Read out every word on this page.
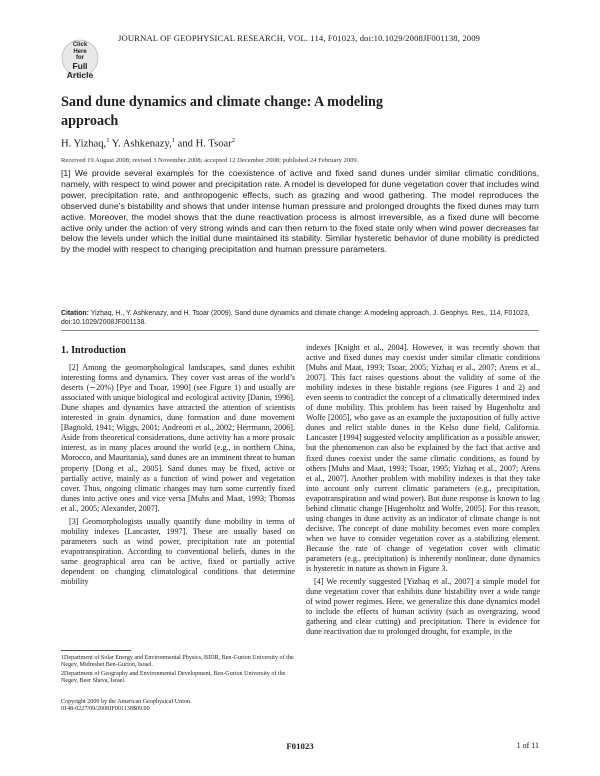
JOURNAL OF GEOPHYSICAL RESEARCH, VOL. 114, F01023, doi:10.1029/2008JF001138, 2009
Click
Here
for
Full
Article
Sand dune dynamics and climate change: A modeling
approach
H. Yizhaq,$^1$ Y. Ashkenazy,$^1$ and H. Tsoar$^2$
Received 19 August 2008; revised 3 November 2008; accepted 12 December 2008; published 24 February 2009.
[1] We provide several examples for the coexistence of active and fixed sand dunes under similar climatic conditions, namely, with respect to wind power and precipitation rate. A model is developed for dune vegetation cover that includes wind power, precipitation rate, and anthropogenic effects, such as grazing and wood gathering. The model reproduces the observed dune’s bistability and shows that under intense human pressure and prolonged droughts the fixed dunes may turn active. Moreover, the model shows that the dune reactivation process is almost irreversible, as a fixed dune will become active only under the action of very strong winds and can then return to the fixed state only when wind power decreases far below the levels under which the initial dune maintained its stability. Similar hysteretic behavior of dune mobility is predicted by the model with respect to changing precipitation and human pressure parameters.
Citation: Yizhaq, H., Y. Ashkenazy, and H. Tsoar (2009), Sand dune dynamics and climate change: A modeling approach, J. Geophys. Res., 114, F01023, doi:10.1029/2008JF001138.
1. Introduction

[2] Among the geomorphological landscapes, sand dunes exhibit interesting forms and dynamics. They cover vast areas of the world’s deserts (∼20%) [Pye and Tsoar, 1990] (see Figure 1) and usually are associated with unique biological and ecological activity [Danin, 1996]. Dune shapes and dynamics have attracted the attention of scientists interested in grain dynamics, dune formation and dune movement [Bagnold, 1941; Wiggs, 2001; Andreotti et al., 2002; Herrmann, 2006]. Aside from theoretical considerations, dune activity has a more prosaic interest, as in many places around the world (e.g., in northern China, Morocco, and Mauritania), sand dunes are an imminent threat to human property [Dong et al., 2005]. Sand dunes may be fixed, active or partially active, mainly as a function of wind power and vegetation cover. Thus, ongoing climatic changes may turn some currently fixed dunes into active ones and vice versa [Muhs and Maat, 1993; Thomas et al., 2005; Alexander, 2007].

[3] Geomorphologists usually quantify dune mobility in terms of mobility indexes [Lancaster, 1997]. These are usually based on parameters such as wind power, precipitation rate an potential evapotranspiration. According to conventional beliefs, dunes in the same geographical area can be active, fixed or partially active dependent on changing climatological conditions that determine mobility

indexes [Knight et al., 2004]. However, it was recently shown that active and fixed dunes may coexist under similar climatic conditions [Muhs and Maat, 1993; Tsoar, 2005; Yizhaq et al., 2007; Arens et al., 2007]. This fact raises questions about the validity of some of the mobility indexes in these bistable regions (see Figures 1 and 2) and even seems to contradict the concept of a climatically determined index of dune mobility. This problem has been raised by Hugenholtz and Wolfe [2005], who gave as an example the juxtaposition of fully active dunes and relict stable dunes in the Kelso dune field, California. Lancaster [1994] suggested velocity amplification as a possible answer, but the phenomenon can also be explained by the fact that active and fixed dunes coexist under the same climatic conditions, as found by others [Muhs and Maat, 1993; Tsoar, 1995; Yizhaq et al., 2007; Arens et al., 2007]. Another problem with mobility indexes is that they take into account only current climatic parameters (e.g., precipitation, evapotranspiration and wind power). But dune response is known to lag behind climatic change [Hugenholtz and Wolfe, 2005]. For this reason, using changes in dune activity as an indicator of climate change is not decisive. The concept of dune mobility becomes even more complex when we have to consider vegetation cover as a stabilizing element. Because the rate of change of vegetation cover with climatic parameters (e.g., precipitation) is inherently nonlinear, dune dynamics is hysteretic in nature as shown in Figure 3.

[4] We recently suggested [Yizhaq et al., 2007] a simple model for dune vegetation cover that exhibits dune bistability over a wide range of wind power regimes. Here, we generalize this dune dynamics model to include the effects of human activity (such as overgrazing, wood gathering and clear cutting) and precipitation. There is evidence for dune reactivation due to prolonged drought, for example, in the

1Department of Solar Energy and Environmental Physics, BIDR, Ben-Gurion University of the Negev, Midreshet Ben-Gurion, Israel.

2Department of Geography and Environmental Development, Ben-Gurion University of the Negev, Beer Sheva, Israel.

Copyright 2009 by the American Geophysical Union.
0148-0227/09/2008JF001138$09.00
F01023	1 of 11
